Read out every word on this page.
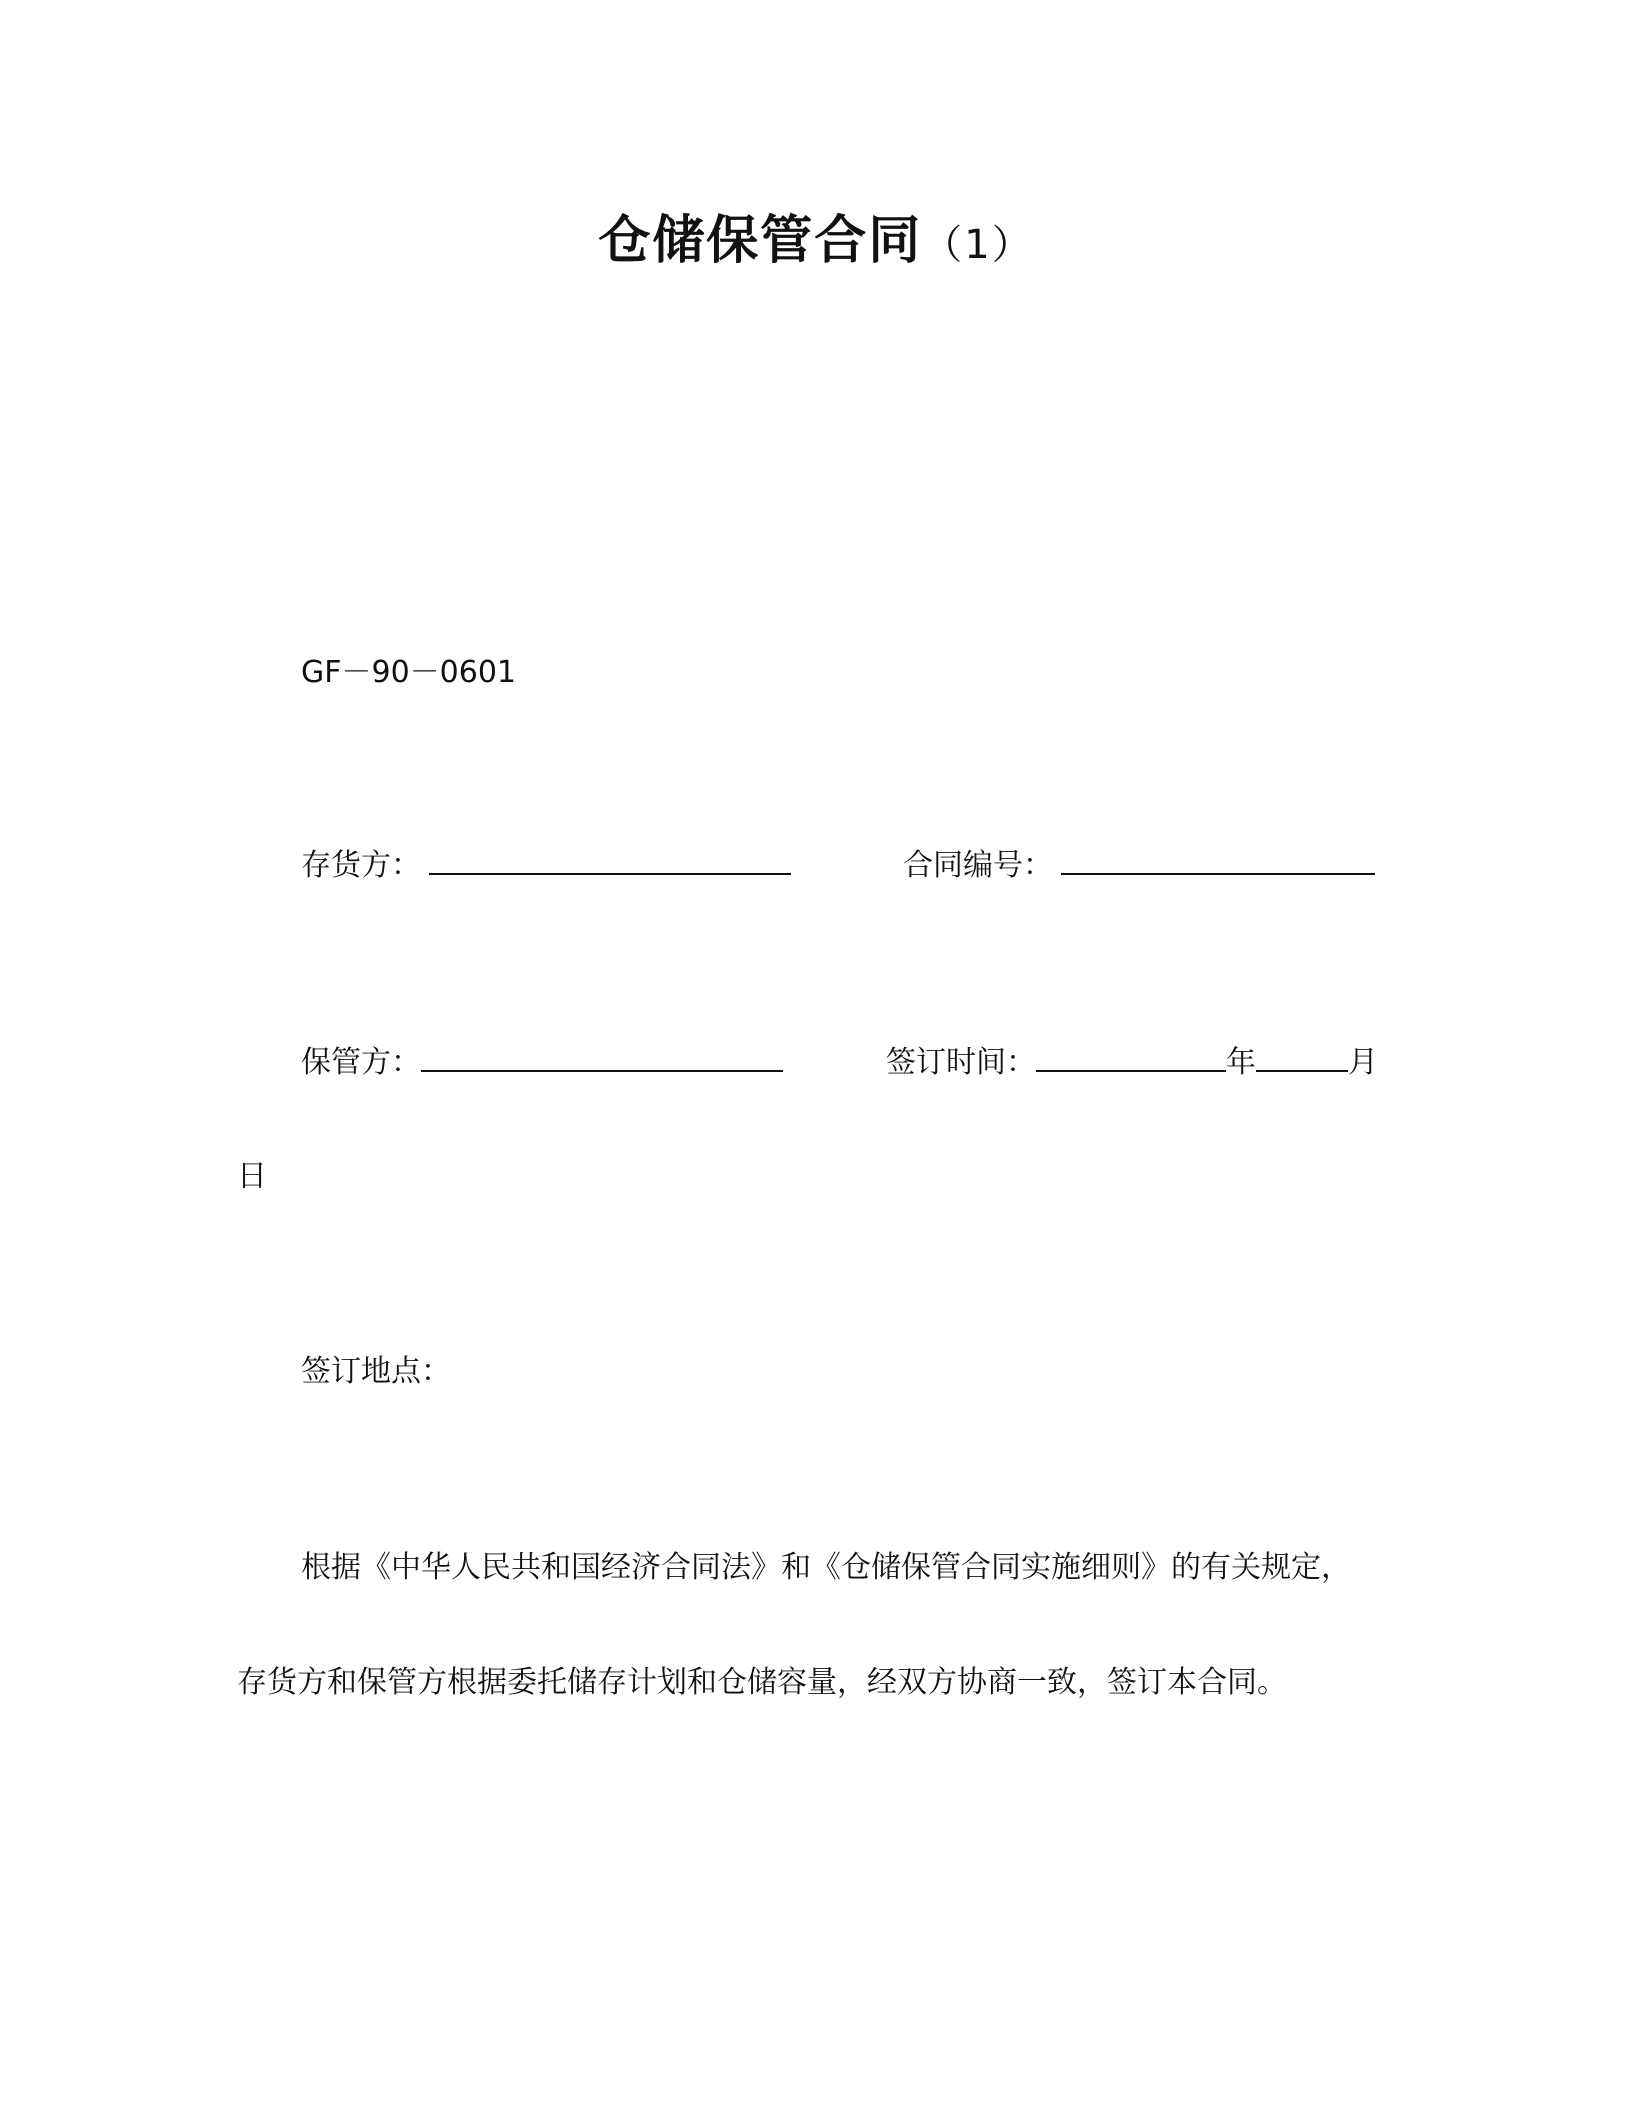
仓储保管合同（1）
GF－90－0601
存货方：	合同编号：
保管方：	签订时间：	年	月
日
签订地点：
根据《中华人民共和国经济合同法》和《仓储保管合同实施细则》的有关规定，
存货方和保管方根据委托储存计划和仓储容量，经双方协商一致，签订本合同。
